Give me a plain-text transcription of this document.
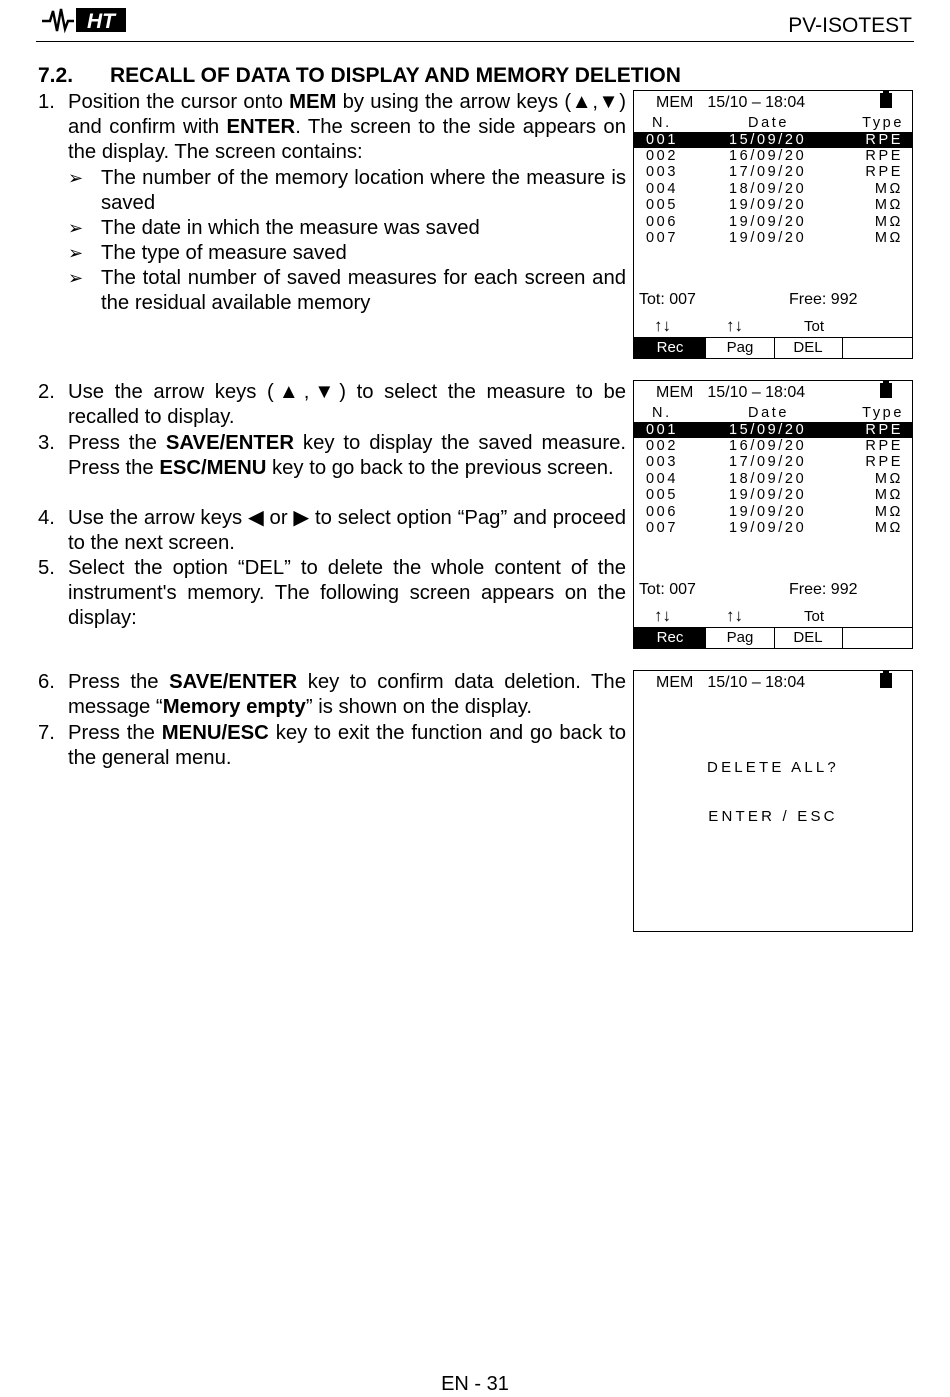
HT	PV-ISOTEST
7.2. RECALL OF DATA TO DISPLAY AND MEMORY DELETION
1. Position the cursor onto MEM by using the arrow keys (▲,▼) and confirm with ENTER. The screen to the side appears on the display. The screen contains:
➢ The number of the memory location where the measure is saved
➢ The date in which the measure was saved
➢ The type of measure saved
➢ The total number of saved measures for each screen and the residual available memory
2. Use the arrow keys (▲,▼) to select the measure to be recalled to display.
3. Press the SAVE/ENTER key to display the saved measure. Press the ESC/MENU key to go back to the previous screen.
4. Use the arrow keys ◀ or ▶ to select option “Pag” and proceed to the next screen.
5. Select the option “DEL” to delete the whole content of the instrument's memory. The following screen appears on the display:
6. Press the SAVE/ENTER key to confirm data deletion. The message “Memory empty” is shown on the display.
7. Press the MENU/ESC key to exit the function and go back to the general menu.
MEM 15/10 – 18:04
N.	Date	Type
001	15/09/20	RPE
002	16/09/20	RPE
003	17/09/20	RPE
004	18/09/20	MΩ
005	19/09/20	MΩ
006	19/09/20	MΩ
007	19/09/20	MΩ
Tot: 007	Free: 992
↑↓	↑↓	Tot
Rec	Pag	DEL
MEM 15/10 – 18:04
N.	Date	Type
001	15/09/20	RPE
002	16/09/20	RPE
003	17/09/20	RPE
004	18/09/20	MΩ
005	19/09/20	MΩ
006	19/09/20	MΩ
007	19/09/20	MΩ
Tot: 007	Free: 992
↑↓	↑↓	Tot
Rec	Pag	DEL
MEM 15/10 – 18:04
DELETE ALL?
ENTER / ESC
EN - 31
